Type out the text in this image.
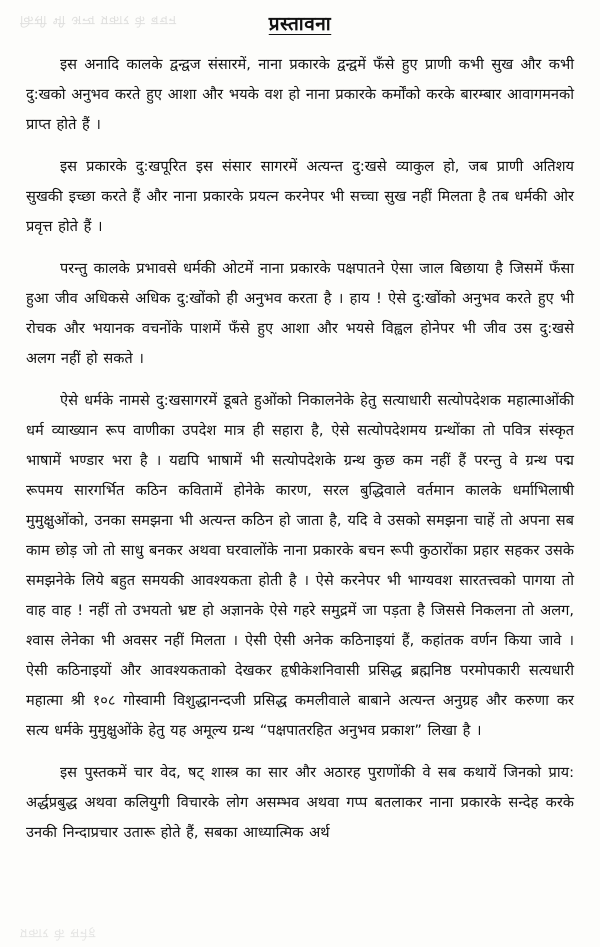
किसी भी अन्य प्रकार के बचन	प्रस्तावना

इस अनादि कालके द्वन्द्वज संसारमें, नाना प्रकारके द्वन्द्वमें फँसे हुए प्राणी कभी सुख और कभी दु:खको अनुभव करते हुए आशा और भयके वश हो नाना प्रकारके कर्मोंको करके बारम्बार आवागमनको प्राप्त होते हैं ।

इस प्रकारके दु:खपूरित इस संसार सागरमें अत्यन्त दु:खसे व्याकुल हो, जब प्राणी अतिशय सुखकी इच्छा करते हैं और नाना प्रकारके प्रयत्न करनेपर भी सच्चा सुख नहीं मिलता है तब धर्मकी ओर प्रवृत्त होते हैं ।

परन्तु कालके प्रभावसे धर्मकी ओटमें नाना प्रकारके पक्षपातने ऐसा जाल बिछाया है जिसमें फँसा हुआ जीव अधिकसे अधिक दु:खोंको ही अनुभव करता है । हाय ! ऐसे दु:खोंको अनुभव करते हुए भी रोचक और भयानक वचनोंके पाशमें फँसे हुए आशा और भयसे विह्वल होनेपर भी जीव उस दु:खसे अलग नहीं हो सकते ।

ऐसे धर्मके नामसे दु:खसागरमें डूबते हुओंको निकालनेके हेतु सत्याधारी सत्योपदेशक महात्माओंकी धर्म व्याख्यान रूप वाणीका उपदेश मात्र ही सहारा है, ऐसे सत्योपदेशमय ग्रन्थोंका तो पवित्र संस्कृत भाषामें भण्डार भरा है । यद्यपि भाषामें भी सत्योपदेशके ग्रन्थ कुछ कम नहीं हैं परन्तु वे ग्रन्थ पद्म रूपमय सारगर्भित कठिन कवितामें होनेके कारण, सरल बुद्धिवाले वर्तमान कालके धर्माभिलाषी मुमुक्षुओंको, उनका समझना भी अत्यन्त कठिन हो जाता है, यदि वे उसको समझना चाहें तो अपना सब काम छोड़ जो तो साधु बनकर अथवा घरवालोंके नाना प्रकारके बचन रूपी कुठारोंका प्रहार सहकर उसके समझनेके लिये बहुत समयकी आवश्यकता होती है । ऐसे करनेपर भी भाग्यवश सारतत्त्वको पागया तो वाह वाह ! नहीं तो उभयतो भ्रष्ट हो अज्ञानके ऐसे गहरे समुद्रमें जा पड़ता है जिससे निकलना तो अलग, श्वास लेनेका भी अवसर नहीं मिलता । ऐसी ऐसी अनेक कठिनाइयां हैं, कहांतक वर्णन किया जावे । ऐसी कठिनाइयों और आवश्यकताको देखकर हृषीकेशनिवासी प्रसिद्ध ब्रह्मनिष्ठ परमोपकारी सत्यधारी महात्मा श्री १०८ गोस्वामी विशुद्धानन्दजी प्रसिद्ध कमलीवाले बाबाने अत्यन्त अनुग्रह और करुणा कर सत्य धर्मके मुमुक्षुओंके हेतु यह अमूल्य ग्रन्थ “पक्षपातरहित अनुभव प्रकाश” लिखा है ।

इस पुस्तकमें चार वेद, षट् शास्त्र का सार और अठारह पुराणोंकी वे सब कथायें जिनको प्राय: अर्द्धप्रबुद्ध अथवा कलियुगी विचारके लोग असम्भव अथवा गप्प बतलाकर नाना प्रकारके सन्देह करके उनकी निन्दाप्रचार उतारू होते हैं, सबका आध्यात्मिक अर्थ

प्रकार के सनेह
